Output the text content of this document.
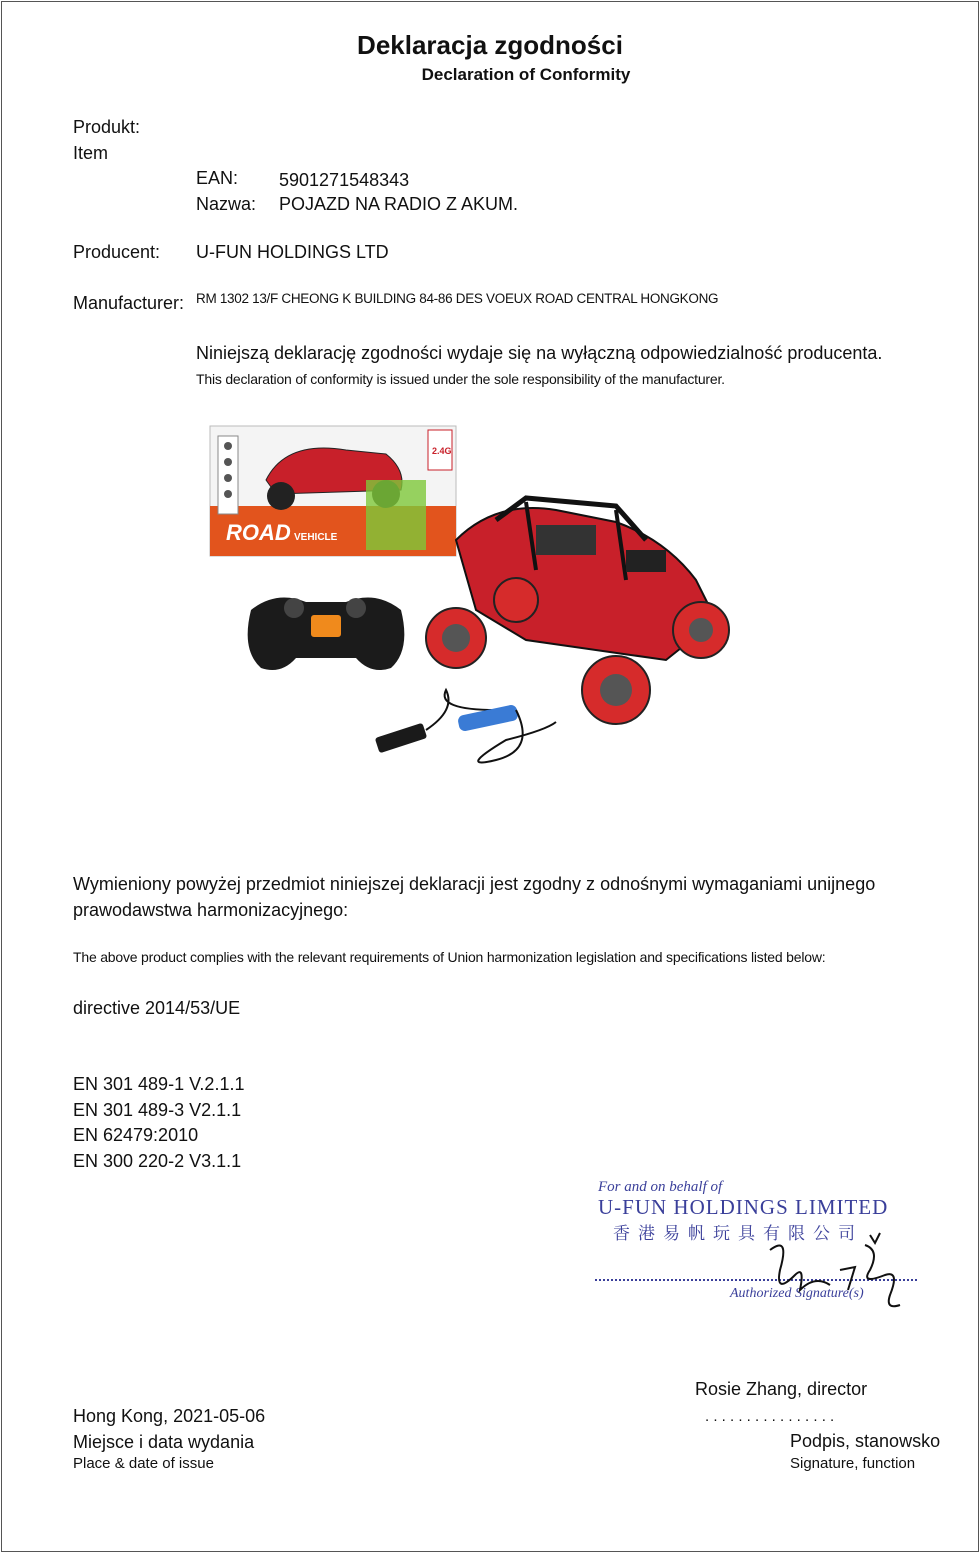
Deklaracja zgodności
Declaration of Conformity
Produkt:
Item
EAN: 5901271548343
Nazwa: POJAZD NA RADIO Z AKUM.
Producent: U-FUN HOLDINGS LTD
Manufacturer: RM 1302 13/F CHEONG K BUILDING 84-86 DES VOEUX ROAD CENTRAL HONGKONG
Niniejszą deklarację zgodności wydaje się na wyłączną odpowiedzialność producenta.
This declaration of conformity is issued under the sole responsibility of the manufacturer.
2.4G
ROAD VEHICLE
Wymieniony powyżej przedmiot niniejszej deklaracji jest zgodny z odnośnymi wymaganiami unijnego
prawodawstwa harmonizacyjnego:
The above product complies with the relevant requirements of Union harmonization legislation and specifications listed below:
directive 2014/53/UE
EN 301 489-1 V.2.1.1
EN 301 489-3 V2.1.1
EN 62479:2010
EN 300 220-2 V3.1.1
For and on behalf of
U-FUN HOLDINGS LIMITED
香港易帆玩具有限公司
Authorized Signature(s)
Rosie Zhang, director
. . . . . . . . . . . . . . . .
Podpis, stanowsko
Signature, function
Hong Kong, 2021-05-06
Miejsce i data wydania
Place & date of issue
